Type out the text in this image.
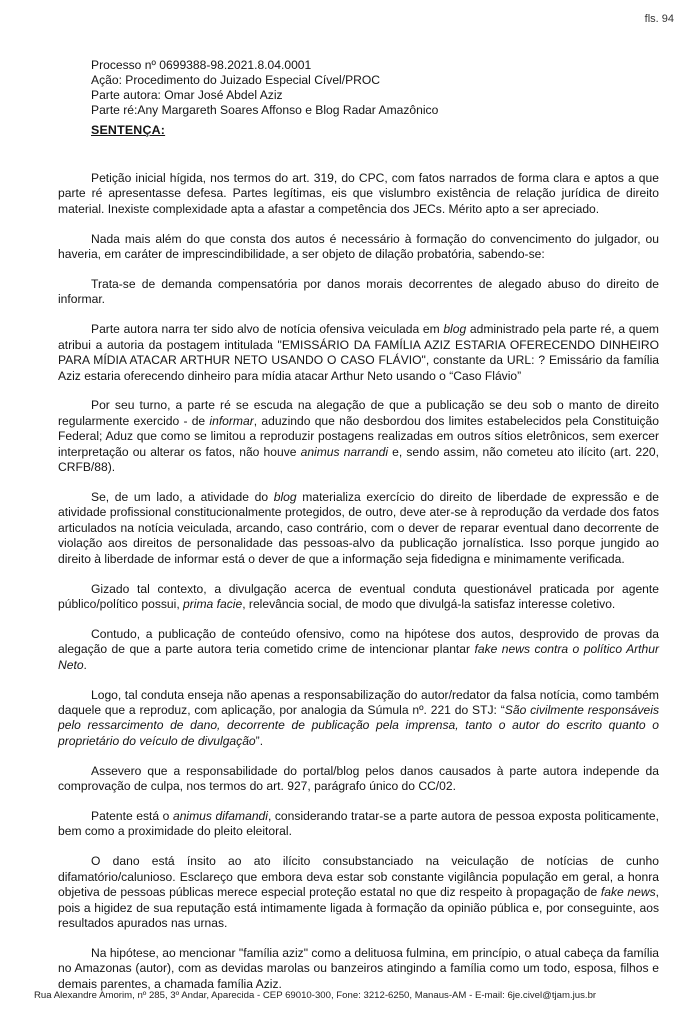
fls. 94
Processo nº 0699388-98.2021.8.04.0001
Ação: Procedimento do Juizado Especial Cível/PROC
Parte autora: Omar José Abdel Aziz
Parte ré:Any Margareth Soares Affonso e Blog Radar Amazônico
SENTENÇA:

Petição inicial hígida, nos termos do art. 319, do CPC, com fatos narrados de forma clara e aptos a que parte ré apresentasse defesa. Partes legítimas, eis que vislumbro existência de relação jurídica de direito material. Inexiste complexidade apta a afastar a competência dos JECs. Mérito apto a ser apreciado.

Nada mais além do que consta dos autos é necessário à formação do convencimento do julgador, ou haveria, em caráter de imprescindibilidade, a ser objeto de dilação probatória, sabendo-se:

Trata-se de demanda compensatória por danos morais decorrentes de alegado abuso do direito de informar.

Parte autora narra ter sido alvo de notícia ofensiva veiculada em blog administrado pela parte ré, a quem atribui a autoria da postagem intitulada "EMISSÁRIO DA FAMÍLIA AZIZ ESTARIA OFERECENDO DINHEIRO PARA MÍDIA ATACAR ARTHUR NETO USANDO O CASO FLÁVIO", constante da URL: ? Emissário da família Aziz estaria oferecendo dinheiro para mídia atacar Arthur Neto usando o “Caso Flávio”

Por seu turno, a parte ré se escuda na alegação de que a publicação se deu sob o manto de direito regularmente exercido - de informar, aduzindo que não desbordou dos limites estabelecidos pela Constituição Federal; Aduz que como se limitou a reproduzir postagens realizadas em outros sítios eletrônicos, sem exercer interpretação ou alterar os fatos, não houve animus narrandi e, sendo assim, não cometeu ato ilícito (art. 220, CRFB/88).

Se, de um lado, a atividade do blog materializa exercício do direito de liberdade de expressão e de atividade profissional constitucionalmente protegidos, de outro, deve ater-se à reprodução da verdade dos fatos articulados na notícia veiculada, arcando, caso contrário, com o dever de reparar eventual dano decorrente de violação aos direitos de personalidade das pessoas-alvo da publicação jornalística. Isso porque jungido ao direito à liberdade de informar está o dever de que a informação seja fidedigna e minimamente verificada.

Gizado tal contexto, a divulgação acerca de eventual conduta questionável praticada por agente público/político possui, prima facie, relevância social, de modo que divulgá-la satisfaz interesse coletivo.

Contudo, a publicação de conteúdo ofensivo, como na hipótese dos autos, desprovido de provas da alegação de que a parte autora teria cometido crime de intencionar plantar fake news contra o político Arthur Neto.

Logo, tal conduta enseja não apenas a responsabilização do autor/redator da falsa notícia, como também daquele que a reproduz, com aplicação, por analogia da Súmula nº. 221 do STJ: “São civilmente responsáveis pelo ressarcimento de dano, decorrente de publicação pela imprensa, tanto o autor do escrito quanto o proprietário do veículo de divulgação”.

Assevero que a responsabilidade do portal/blog pelos danos causados à parte autora independe da comprovação de culpa, nos termos do art. 927, parágrafo único do CC/02.

Patente está o animus difamandi, considerando tratar-se a parte autora de pessoa exposta politicamente, bem como a proximidade do pleito eleitoral.

O dano está ínsito ao ato ilícito consubstanciado na veiculação de notícias de cunho difamatório/calunioso. Esclareço que embora deva estar sob constante vigilância população em geral, a honra objetiva de pessoas públicas merece especial proteção estatal no que diz respeito à propagação de fake news, pois a higidez de sua reputação está intimamente ligada à formação da opinião pública e, por conseguinte, aos resultados apurados nas urnas.

Na hipótese, ao mencionar "família aziz" como a delituosa fulmina, em princípio, o atual cabeça da família no Amazonas (autor), com as devidas marolas ou banzeiros atingindo a família como um todo, esposa, filhos e demais parentes, a chamada família Aziz.

Rua Alexandre Amorim, nº 285, 3º Andar, Aparecida - CEP 69010-300, Fone: 3212-6250, Manaus-AM - E-mail: 6je.civel@tjam.jus.br
